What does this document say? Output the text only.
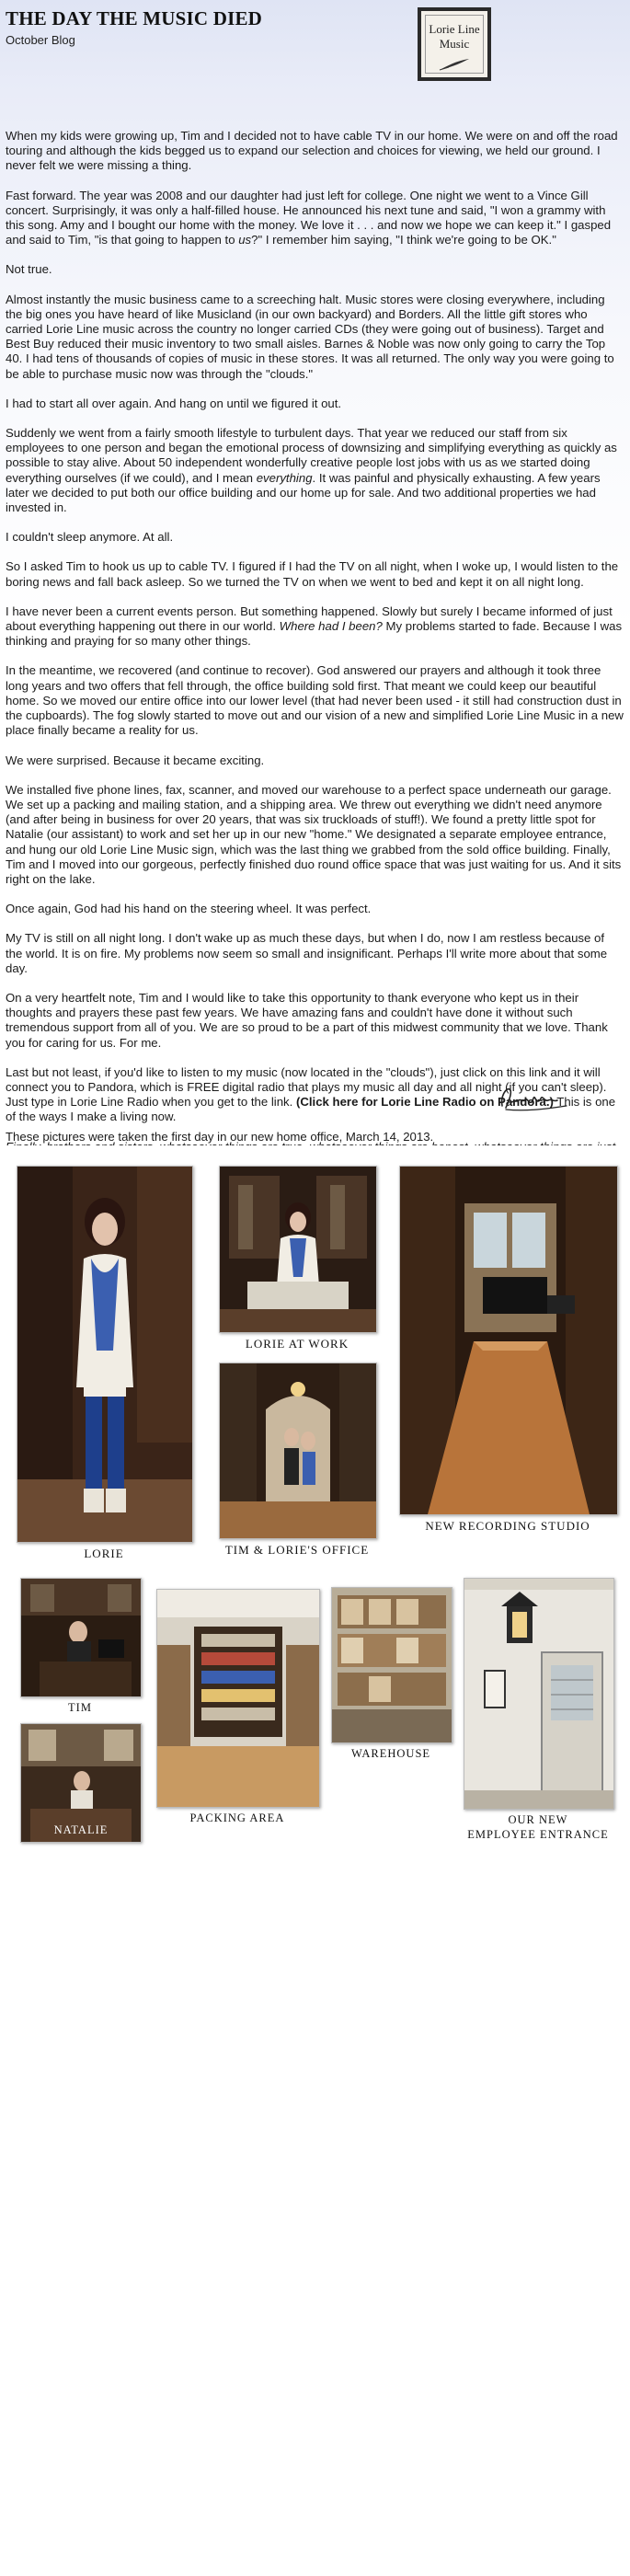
THE DAY THE MUSIC DIED
October Blog
Lorie Line
Music

When my kids were growing up, Tim and I decided not to have cable TV in our home. We were on and off the road touring and although the kids begged us to expand our selection and choices for viewing, we held our ground. I never felt we were missing a thing.

Fast forward. The year was 2008 and our daughter had just left for college. One night we went to a Vince Gill concert. Surprisingly, it was only a half-filled house. He announced his next tune and said, "I won a grammy with this song. Amy and I bought our home with the money. We love it . . . and now we hope we can keep it." I gasped and said to Tim, "is that going to happen to us?" I remember him saying, "I think we're going to be OK."

Not true.

Almost instantly the music business came to a screeching halt. Music stores were closing everywhere, including the big ones you have heard of like Musicland (in our own backyard) and Borders. All the little gift stores who carried Lorie Line music across the country no longer carried CDs (they were going out of business). Target and Best Buy reduced their music inventory to two small aisles. Barnes & Noble was now only going to carry the Top 40. I had tens of thousands of copies of music in these stores. It was all returned. The only way you were going to be able to purchase music now was through the "clouds."

I had to start all over again. And hang on until we figured it out.

Suddenly we went from a fairly smooth lifestyle to turbulent days. That year we reduced our staff from six employees to one person and began the emotional process of downsizing and simplifying everything as quickly as possible to stay alive. About 50 independent wonderfully creative people lost jobs with us as we started doing everything ourselves (if we could), and I mean everything. It was painful and physically exhausting. A few years later we decided to put both our office building and our home up for sale. And two additional properties we had invested in.

I couldn't sleep anymore. At all.

So I asked Tim to hook us up to cable TV. I figured if I had the TV on all night, when I woke up, I would listen to the boring news and fall back asleep. So we turned the TV on when we went to bed and kept it on all night long.

I have never been a current events person. But something happened. Slowly but surely I became informed of just about everything happening out there in our world. Where had I been? My problems started to fade. Because I was thinking and praying for so many other things.

In the meantime, we recovered (and continue to recover). God answered our prayers and although it took three long years and two offers that fell through, the office building sold first. That meant we could keep our beautiful home. So we moved our entire office into our lower level (that had never been used - it still had construction dust in the cupboards). The fog slowly started to move out and our vision of a new and simplified Lorie Line Music in a new place finally became a reality for us.

We were surprised. Because it became exciting.

We installed five phone lines, fax, scanner, and moved our warehouse to a perfect space underneath our garage. We set up a packing and mailing station, and a shipping area. We threw out everything we didn't need anymore (and after being in business for over 20 years, that was six truckloads of stuff!). We found a pretty little spot for Natalie (our assistant) to work and set her up in our new "home." We designated a separate employee entrance, and hung our old Lorie Line Music sign, which was the last thing we grabbed from the sold office building. Finally, Tim and I moved into our gorgeous, perfectly finished duo round office space that was just waiting for us. And it sits right on the lake.

Once again, God had his hand on the steering wheel. It was perfect.

My TV is still on all night long. I don't wake up as much these days, but when I do, now I am restless because of the world. It is on fire. My problems now seem so small and insignificant. Perhaps I'll write more about that some day.

On a very heartfelt note, Tim and I would like to take this opportunity to thank everyone who kept us in their thoughts and prayers these past few years. We have amazing fans and couldn't have done it without such tremendous support from all of you. We are so proud to be a part of this midwest community that we love. Thank you for caring for us. For me.

Last but not least, if you'd like to listen to my music (now located in the "clouds"), just click on this link and it will connect you to Pandora, which is FREE digital radio that plays my music all day and all night (if you can't sleep). Just type in Lorie Line Radio when you get to the link. (Click here for Lorie Line Radio on Pandora.) This is one of the ways I make a living now.

These pictures were taken the first day in our new home office, March 14, 2013.
LORIE
LORIE AT WORK
TIM & LORIE'S OFFICE
NEW RECORDING STUDIO
TIM
NATALIE
PACKING AREA
WAREHOUSE
OUR NEW
EMPLOYEE ENTRANCE
